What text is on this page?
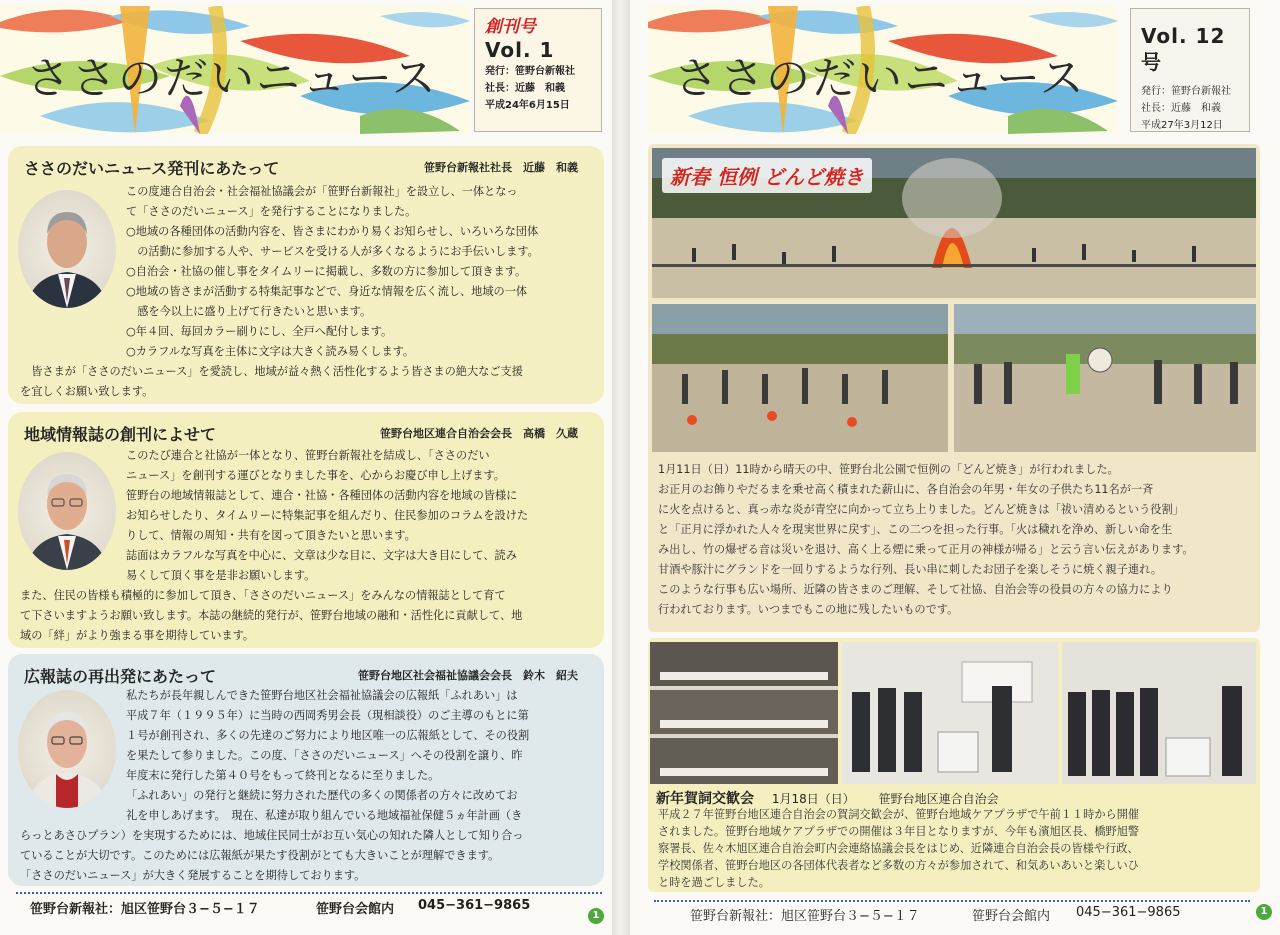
ささのだいニュース
創刊号
Vol. 1
発行：笹野台新報社
社長：近藤　和義
平成24年6月15日
ささのだいニュース発刊にあたって	笹野台新報社社長　近藤　和義
この度連合自治会・社会福祉協議会が「笹野台新報社」を設立し、一体となっ
て「ささのだいニュース」を発行することになりました。
○地域の各種団体の活動内容を、皆さまにわかり易くお知らせし、いろいろな団体
　の活動に参加する人や、サービスを受ける人が多くなるようにお手伝いします。
○自治会・社協の催し事をタイムリーに掲載し、多数の方に参加して頂きます。
○地域の皆さまが活動する特集記事などで、身近な情報を広く流し、地域の一体
　感を今以上に盛り上げて行きたいと思います。
○年４回、毎回カラー刷りにし、全戸へ配付します。
○カラフルな写真を主体に文字は大きく読み易くします。
　皆さまが「ささのだいニュース」を愛読し、地域が益々熱く活性化するよう皆さまの絶大なご支援
を宜しくお願い致します。
地域情報誌の創刊によせて	笹野台地区連合自治会会長　高橋　久蔵
このたび連合と社協が一体となり、笹野台新報社を結成し、「ささのだい
ニュース」を創刊する運びとなりました事を、心からお慶び申し上げます。
笹野台の地域情報誌として、連合・社協・各種団体の活動内容を地域の皆様に
お知らせしたり、タイムリーに特集記事を組んだり、住民参加のコラムを設けた
りして、情報の周知・共有を図って頂きたいと思います。
誌面はカラフルな写真を中心に、文章は少な目に、文字は大き目にして、読み
易くして頂く事を是非お願いします。
また、住民の皆様も積極的に参加して頂き、「ささのだいニュース」をみんなの情報誌として育て
て下さいますようお願い致します。本誌の継続的発行が、笹野台地域の融和・活性化に貢献して、地
域の「絆」がより強まる事を期待しています。
広報誌の再出発にあたって	笹野台地区社会福祉協議会会長　鈴木　紹夫
私たちが長年親しんできた笹野台地区社会福祉協議会の広報紙「ふれあい」は
平成７年（１９９５年）に当時の西岡秀男会長（現相談役）のご主導のもとに第
１号が創刊され、多くの先達のご努力により地区唯一の広報紙として、その役割
を果たして参りました。この度、「ささのだいニュース」へその役割を譲り、昨
年度末に発行した第４０号をもって終刊となるに至りました。
「ふれあい」の発行と継続に努力された歴代の多くの関係者の方々に改めてお
礼を申しあげます。　現在、私達が取り組んでいる地域福祉保健５ヵ年計画（き
らっとあさひプラン）を実現するためには、地域住民同士がお互い気心の知れた隣人として知り合っ
ていることが大切です。このためには広報紙が果たす役割がとても大きいことが理解できます。
「ささのだいニュース」が大きく発展することを期待しております。
笹野台新報社：旭区笹野台３−５−１７	笹野台会館内 045−361−9865
1
ささのだいニュース
Vol. 12号
発行：笹野台新報社
社長：近藤　和義
平成27年3月12日
新春 恒例 どんど焼き
1月11日（日）11時から晴天の中、笹野台北公園で恒例の「どんど焼き」が行われました。
お正月のお飾りやだるまを乗せ高く積まれた薪山に、各自治会の年男・年女の子供たち11名が一斉
に火を点けると、真っ赤な炎が青空に向かって立ち上りました。どんど焼きは「祓い清めるという役割」
と「正月に浮かれた人々を現実世界に戻す」、この二つを担った行事。「火は穢れを浄め、新しい命を生
み出し、竹の爆ぜる音は災いを退け、高く上る煙に乗って正月の神様が帰る」と云う言い伝えがあります。
甘酒や豚汁にグランドを一回りするような行列、長い串に刺したお団子を楽しそうに焼く親子連れ。
このような行事も広い場所、近隣の皆さまのご理解、そして社協、自治会等の役員の方々の協力により
行われております。いつまでもこの地に残したいものです。
新年賀詞交歓会 1月18日（日） 笹野台地区連合自治会
平成２７年笹野台地区連合自治会の賀詞交歓会が、笹野台地域ケアプラザで午前１１時から開催
されました。笹野台地域ケアプラザでの開催は３年目となりますが、今年も濱旭区長、橋野旭警
察署長、佐々木旭区連合自治会町内会連絡協議会長をはじめ、近隣連合自治会長の皆様や行政、
学校関係者、笹野台地区の各団体代表者など多数の方々が参加されて、和気あいあいと楽しいひ
と時を過ごしました。
笹野台新報社：旭区笹野台３−５−１７	笹野台会館内 045−361−9865	1
